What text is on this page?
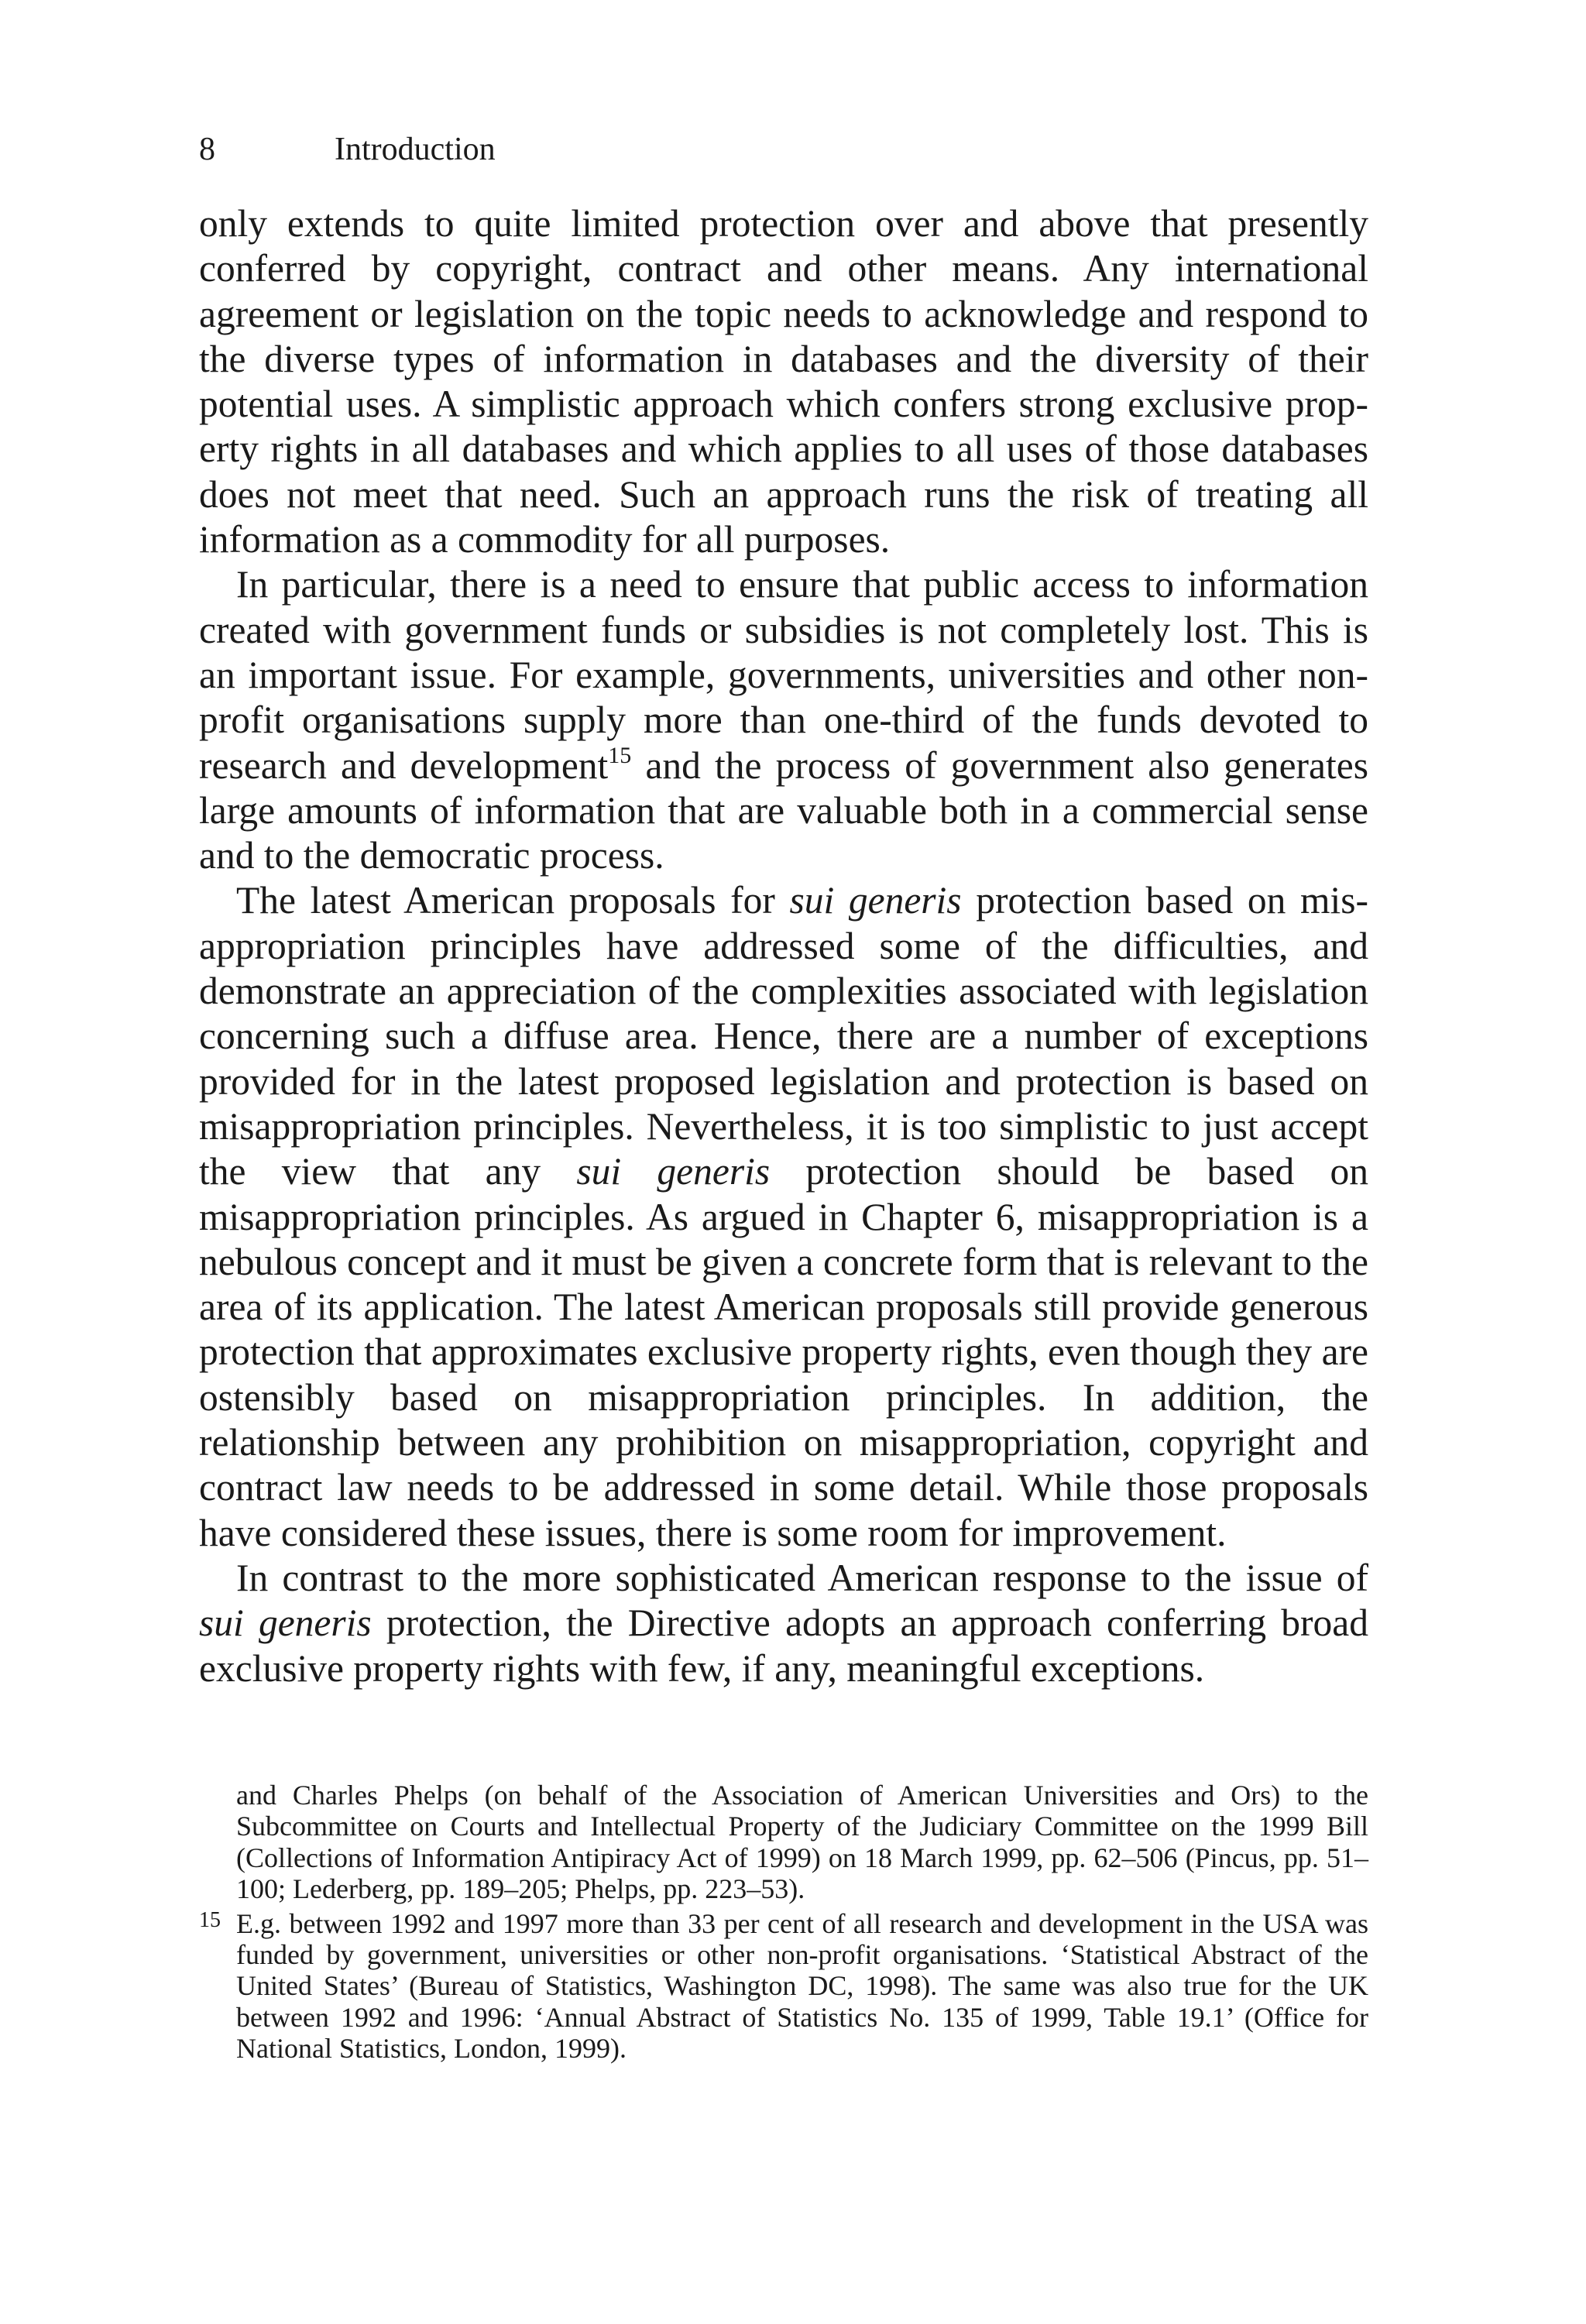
8	Introduction

only extends to quite limited protection over and above that presently conferred by copyright, contract and other means. Any international agreement or legislation on the topic needs to acknowledge and respond to the diverse types of information in databases and the diversity of their potential uses. A simplistic approach which confers strong exclusive property rights in all databases and which applies to all uses of those databases does not meet that need. Such an approach runs the risk of treating all information as a commodity for all purposes.

In particular, there is a need to ensure that public access to information created with government funds or subsidies is not completely lost. This is an important issue. For example, governments, universities and other non-profit organisations supply more than one-third of the funds devoted to research and development$^{15}$ and the process of government also generates large amounts of information that are valuable both in a commercial sense and to the democratic process.

The latest American proposals for sui generis protection based on misappropriation principles have addressed some of the difficulties, and demonstrate an appreciation of the complexities associated with legislation concerning such a diffuse area. Hence, there are a number of exceptions provided for in the latest proposed legislation and protection is based on misappropriation principles. Nevertheless, it is too simplistic to just accept the view that any sui generis protection should be based on misappropriation principles. As argued in Chapter 6, misappropriation is a nebulous concept and it must be given a concrete form that is relevant to the area of its application. The latest American proposals still provide generous protection that approximates exclusive property rights, even though they are ostensibly based on misappropriation principles. In addition, the relationship between any prohibition on misappropriation, copyright and contract law needs to be addressed in some detail. While those proposals have considered these issues, there is some room for improvement.

In contrast to the more sophisticated American response to the issue of sui generis protection, the Directive adopts an approach conferring broad exclusive property rights with few, if any, meaningful exceptions.

and Charles Phelps (on behalf of the Association of American Universities and Ors) to the Subcommittee on Courts and Intellectual Property of the Judiciary Committee on the 1999 Bill (Collections of Information Antipiracy Act of 1999) on 18 March 1999, pp. 62–506 (Pincus, pp. 51–100; Lederberg, pp. 189–205; Phelps, pp. 223–53).

15 E.g. between 1992 and 1997 more than 33 per cent of all research and development in the USA was funded by government, universities or other non-profit organisations. ‘Statistical Abstract of the United States’ (Bureau of Statistics, Washington DC, 1998). The same was also true for the UK between 1992 and 1996: ‘Annual Abstract of Statistics No. 135 of 1999, Table 19.1’ (Office for National Statistics, London, 1999).
